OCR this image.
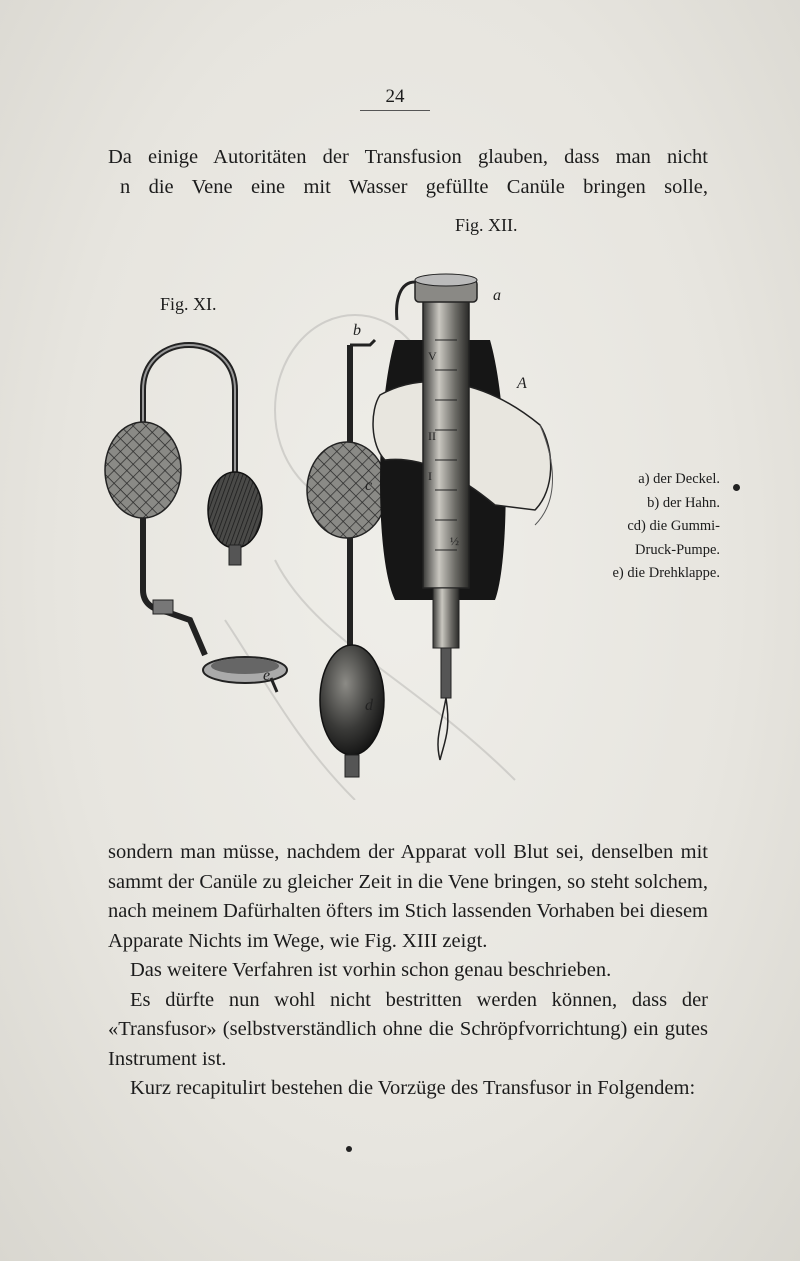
24

Da einige Autoritäten der Transfusion glauben, dass man nicht

n die Vene eine mit Wasser gefüllte Canüle bringen solle,

Fig. XII.
Fig. XI.	a
b
A
c
d
e
V
II
I
½
a) der Deckel.
b) der Hahn.
cd) die Gummi-
Druck-Pumpe.
e) die Drehklappe.

sondern man müsse, nachdem der Apparat voll Blut sei, denselben mit sammt der Canüle zu gleicher Zeit in die Vene bringen, so steht solchem, nach meinem Dafürhalten öfters im Stich lassenden Vorhaben bei diesem Apparate Nichts im Wege, wie Fig. XIII zeigt.

Das weitere Verfahren ist vorhin schon genau beschrieben.

Es dürfte nun wohl nicht bestritten werden können, dass der «Transfusor» (selbstverständlich ohne die Schröpfvorrichtung) ein gutes Instrument ist.

Kurz recapitulirt bestehen die Vorzüge des Transfusor in Folgendem:
